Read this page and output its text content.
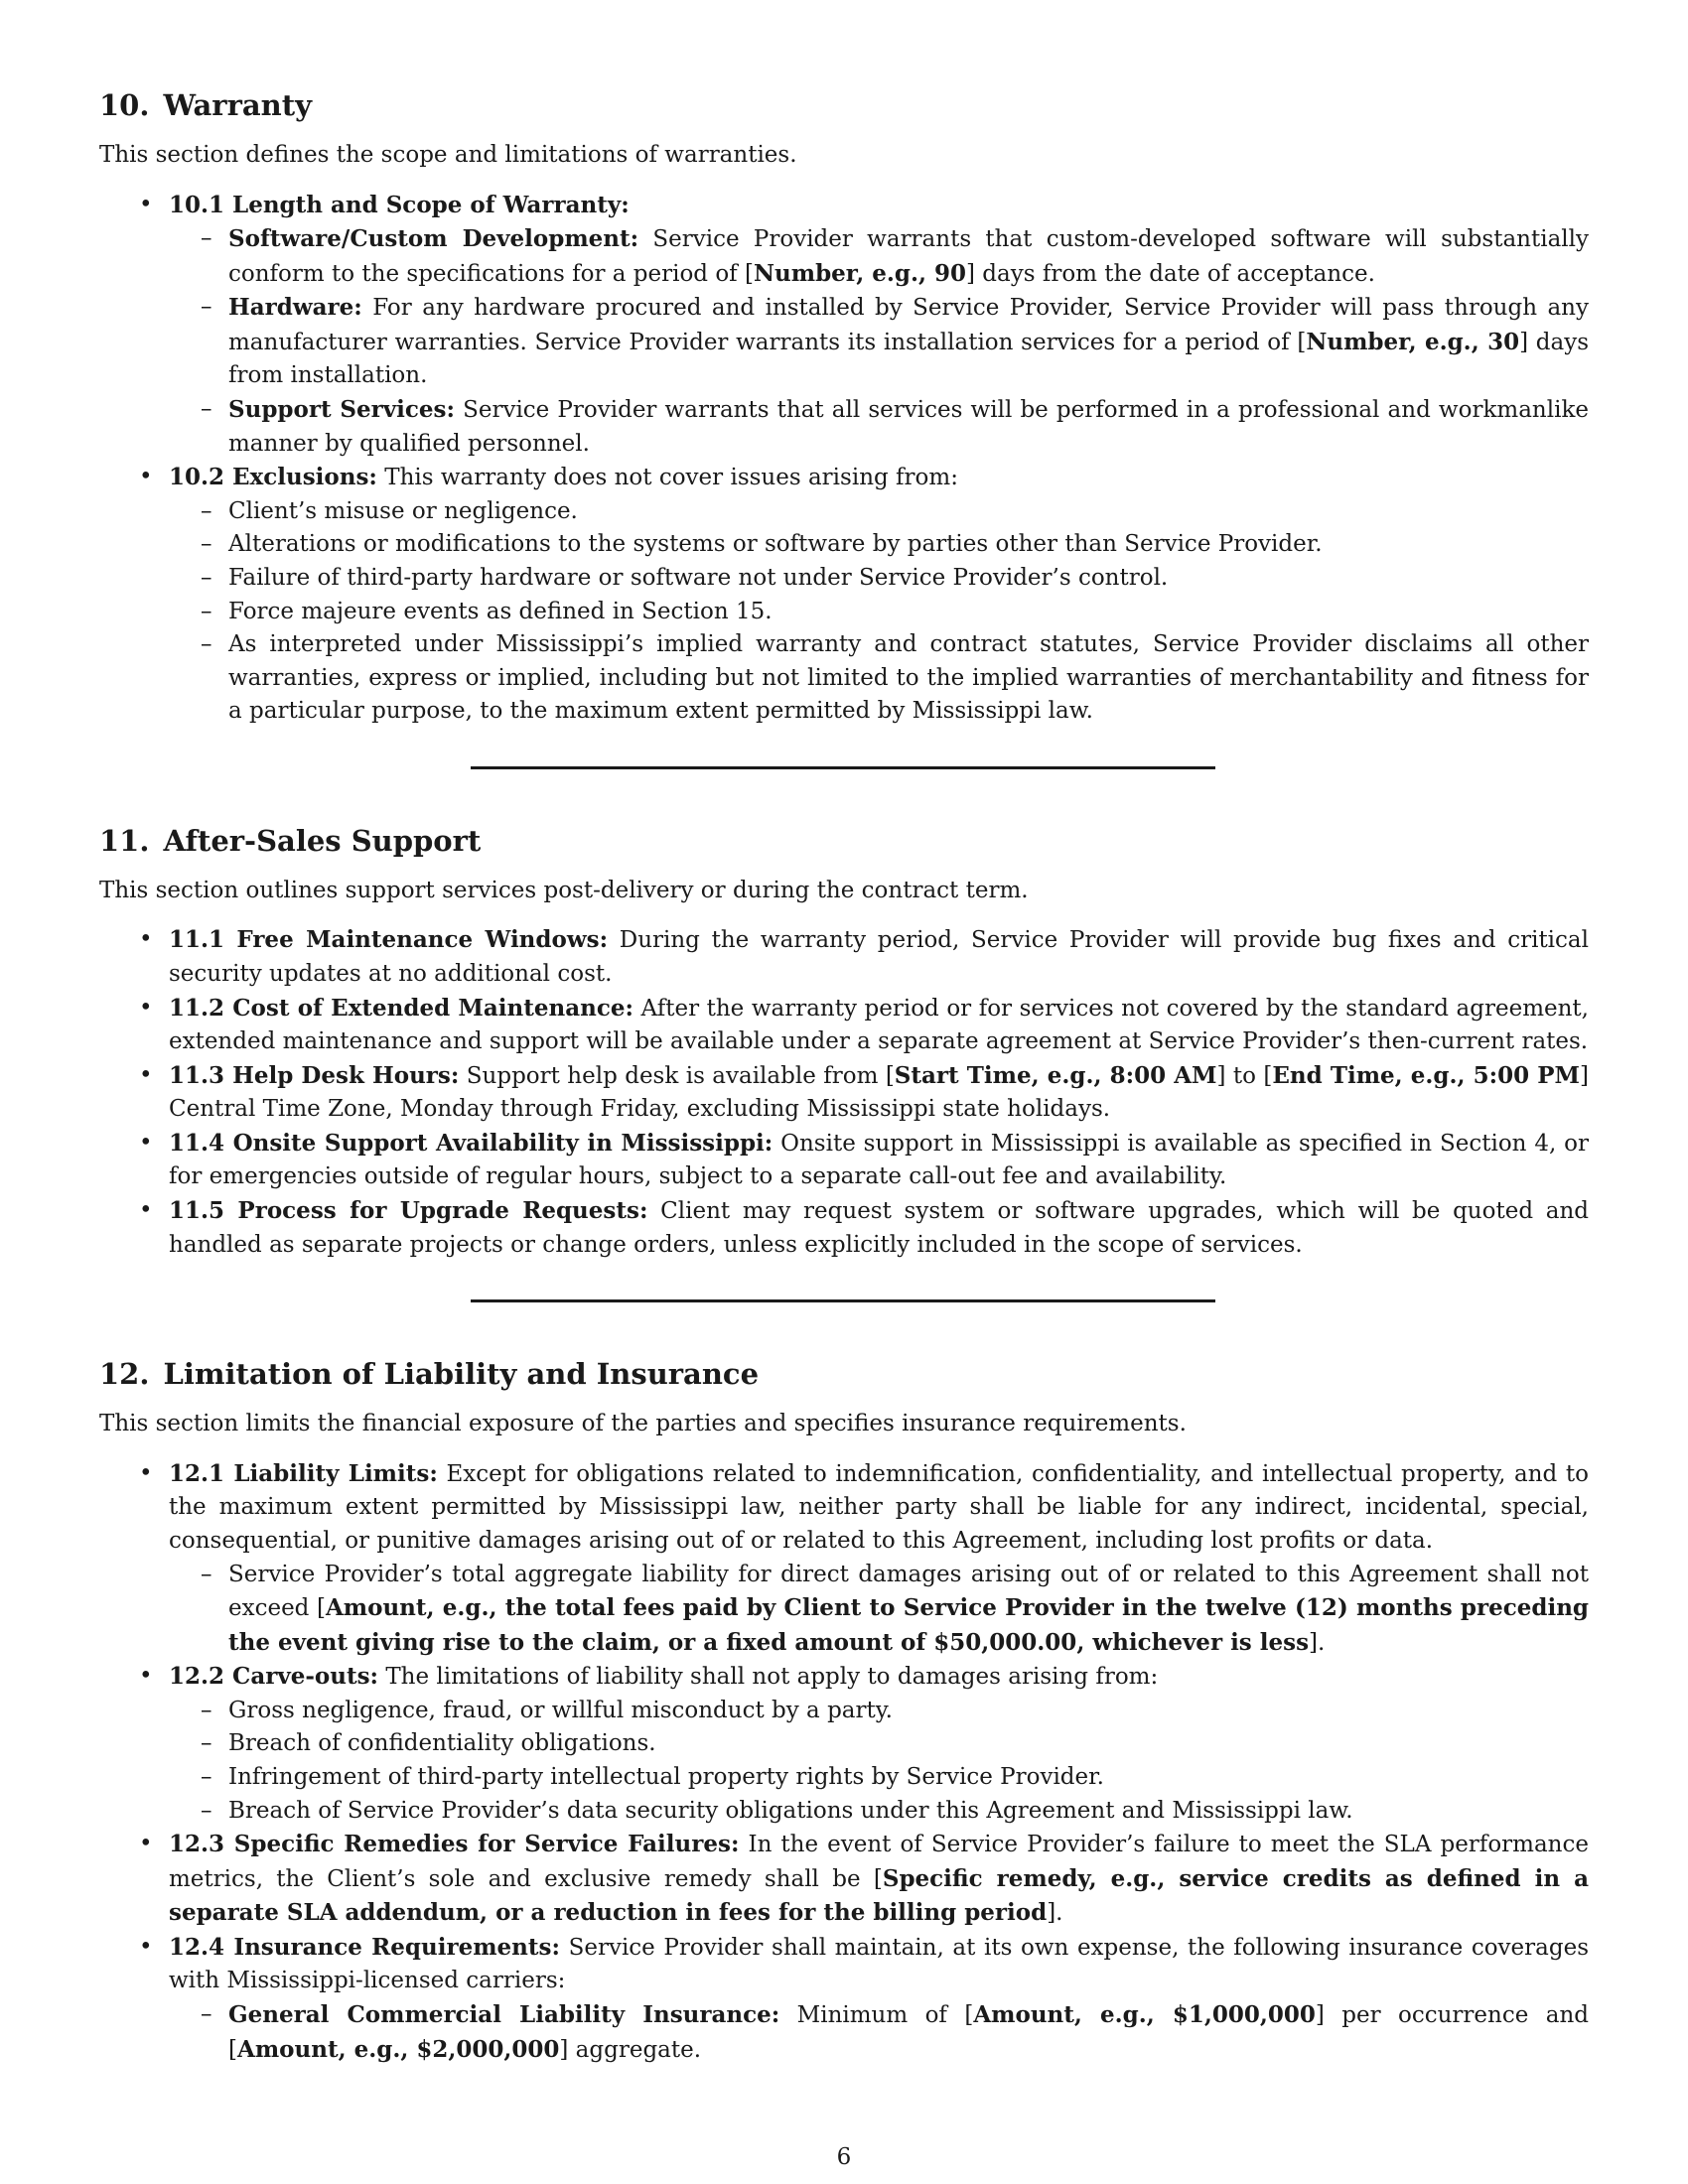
10. Warranty

This section defines the scope and limitations of warranties.

• 10.1 Length and Scope of Warranty:
– Software/Custom Development: Service Provider warrants that custom-developed software will substantially conform to the specifications for a period of [Number, e.g., 90] days from the date of acceptance.
– Hardware: For any hardware procured and installed by Service Provider, Service Provider will pass through any manufacturer warranties. Service Provider warrants its installation services for a period of [Number, e.g., 30] days from installation.
– Support Services: Service Provider warrants that all services will be performed in a professional and workmanlike manner by qualified personnel.
• 10.2 Exclusions: This warranty does not cover issues arising from:
– Client’s misuse or negligence.
– Alterations or modifications to the systems or software by parties other than Service Provider.
– Failure of third-party hardware or software not under Service Provider’s control.
– Force majeure events as defined in Section 15.
– As interpreted under Mississippi’s implied warranty and contract statutes, Service Provider disclaims all other warranties, express or implied, including but not limited to the implied warranties of merchantability and fitness for a particular purpose, to the maximum extent permitted by Mississippi law.
11. After-Sales Support

This section outlines support services post-delivery or during the contract term.

• 11.1 Free Maintenance Windows: During the warranty period, Service Provider will provide bug fixes and critical security updates at no additional cost.
• 11.2 Cost of Extended Maintenance: After the warranty period or for services not covered by the standard agreement, extended maintenance and support will be available under a separate agreement at Service Provider’s then-current rates.
• 11.3 Help Desk Hours: Support help desk is available from [Start Time, e.g., 8:00 AM] to [End Time, e.g., 5:00 PM] Central Time Zone, Monday through Friday, excluding Mississippi state holidays.
• 11.4 Onsite Support Availability in Mississippi: Onsite support in Mississippi is available as specified in Section 4, or for emergencies outside of regular hours, subject to a separate call-out fee and availability.
• 11.5 Process for Upgrade Requests: Client may request system or software upgrades, which will be quoted and handled as separate projects or change orders, unless explicitly included in the scope of services.
12. Limitation of Liability and Insurance

This section limits the financial exposure of the parties and specifies insurance requirements.

• 12.1 Liability Limits: Except for obligations related to indemnification, confidentiality, and intellectual property, and to the maximum extent permitted by Mississippi law, neither party shall be liable for any indirect, incidental, special, consequential, or punitive damages arising out of or related to this Agreement, including lost profits or data.
– Service Provider’s total aggregate liability for direct damages arising out of or related to this Agreement shall not exceed [Amount, e.g., the total fees paid by Client to Service Provider in the twelve (12) months preceding the event giving rise to the claim, or a fixed amount of $50,000.00, whichever is less].
• 12.2 Carve-outs: The limitations of liability shall not apply to damages arising from:
– Gross negligence, fraud, or willful misconduct by a party.
– Breach of confidentiality obligations.
– Infringement of third-party intellectual property rights by Service Provider.
– Breach of Service Provider’s data security obligations under this Agreement and Mississippi law.
• 12.3 Specific Remedies for Service Failures: In the event of Service Provider’s failure to meet the SLA performance metrics, the Client’s sole and exclusive remedy shall be [Specific remedy, e.g., service credits as defined in a separate SLA addendum, or a reduction in fees for the billing period].
• 12.4 Insurance Requirements: Service Provider shall maintain, at its own expense, the following insurance coverages with Mississippi-licensed carriers:
– General Commercial Liability Insurance: Minimum of [Amount, e.g., $1,000,000] per occurrence and [Amount, e.g., $2,000,000] aggregate.
6
